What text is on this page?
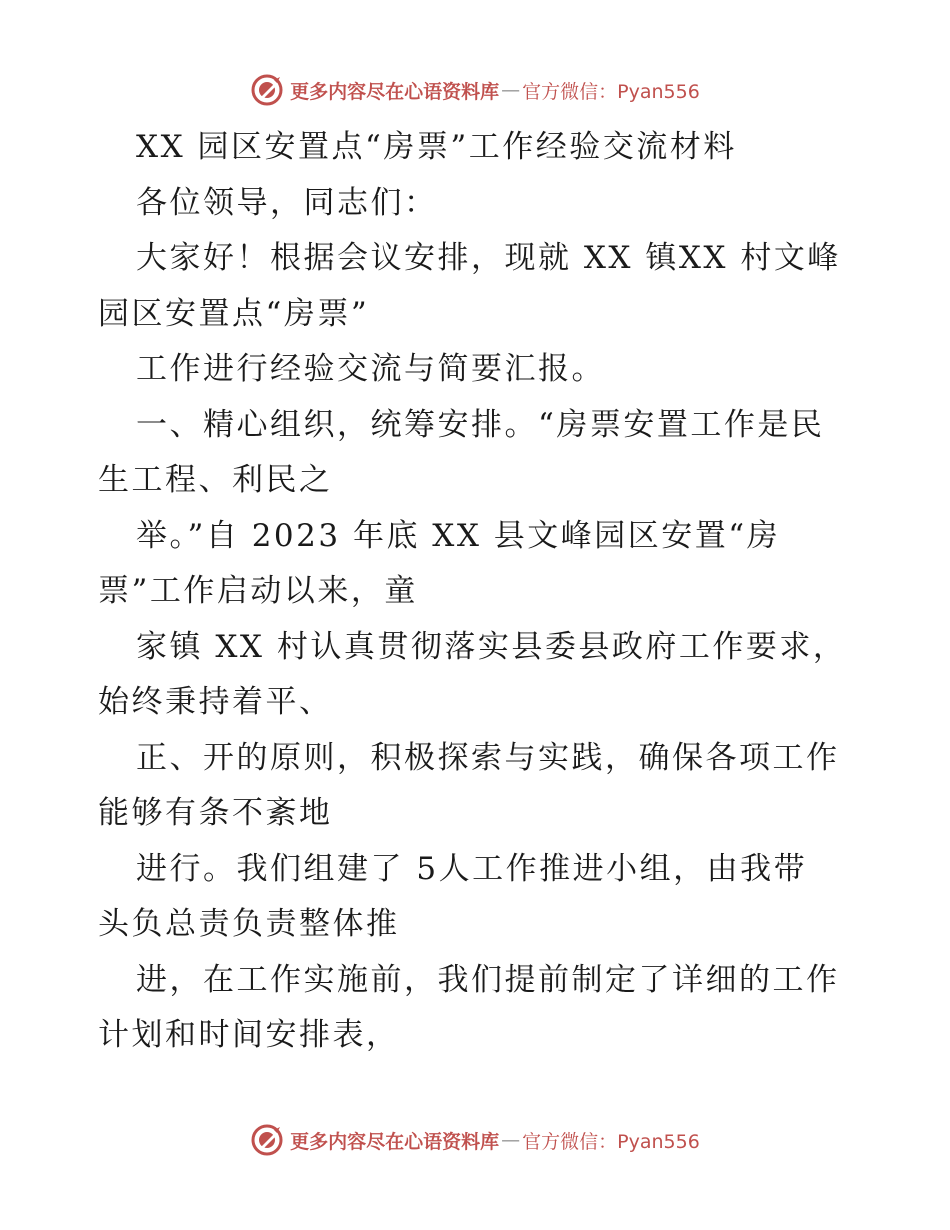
更多内容尽在心语资料库 — 官方微信：Pyan556
XX 园区安置点“房票”工作经验交流材料
各位领导，同志们：
大家好！根据会议安排，现就 XX 镇XX 村文峰
园区安置点“房票”
工作进行经验交流与简要汇报。
一、精心组织，统筹安排。“房票安置工作是民
生工程、利民之
举。”自 2023 年底 XX 县文峰园区安置“房
票”工作启动以来，童
家镇 XX 村认真贯彻落实县委县政府工作要求，
始终秉持着平、
正、开的原则，积极探索与实践，确保各项工作
能够有条不紊地
进行。我们组建了 5人工作推进小组，由我带
头负总责负责整体推
进，在工作实施前，我们提前制定了详细的工作
计划和时间安排表，
更多内容尽在心语资料库 — 官方微信：Pyan556
